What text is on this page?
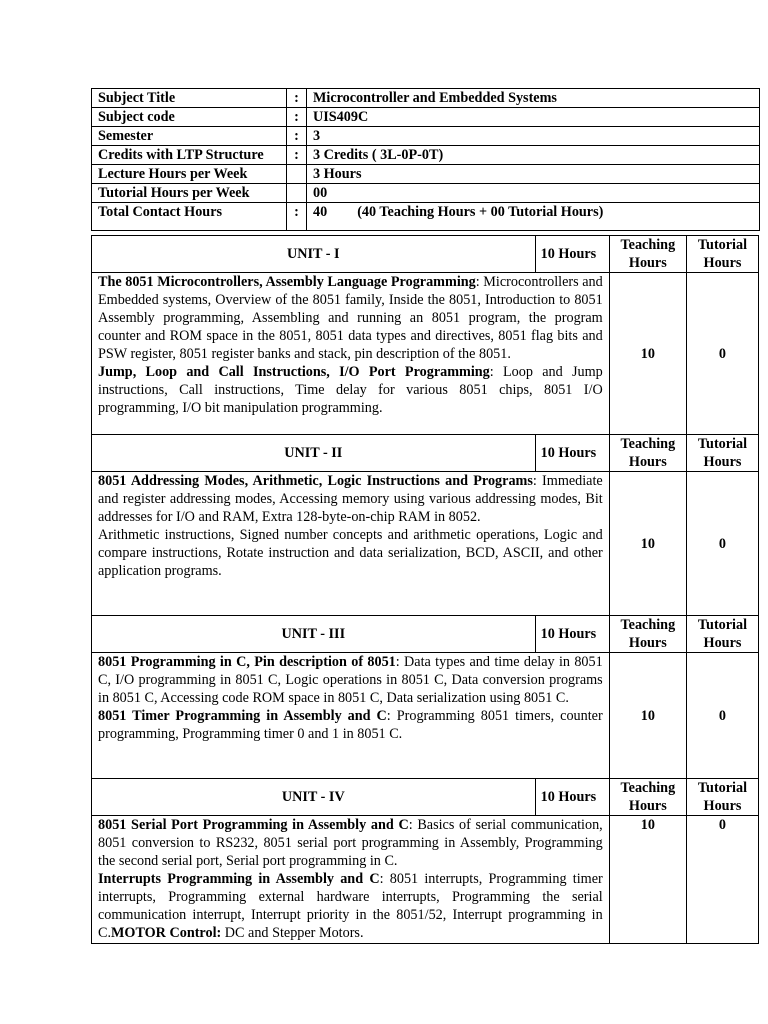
Subject Title	:	Microcontroller and Embedded Systems
Subject code	:	UIS409C
Semester	:	3
Credits with LTP Structure	:	3 Credits ( 3L-0P-0T)
Lecture Hours per Week		3 Hours
Tutorial Hours per Week		00
Total Contact Hours	:	40 (40 Teaching Hours + 00 Tutorial Hours)
UNIT - I	10 Hours	Teaching Hours	Tutorial Hours

The 8051 Microcontrollers, Assembly Language Programming: Microcontrollers and Embedded systems, Overview of the 8051 family, Inside the 8051, Introduction to 8051 Assembly programming, Assembling and running an 8051 program, the program counter and ROM space in the 8051, 8051 data types and directives, 8051 flag bits and PSW register, 8051 register banks and stack, pin description of the 8051.

Jump, Loop and Call Instructions, I/O Port Programming: Loop and Jump instructions, Call instructions, Time delay for various 8051 chips, 8051 I/O programming, I/O bit manipulation programming.		10	0
UNIT - II	10 Hours	Teaching Hours	Tutorial Hours

8051 Addressing Modes, Arithmetic, Logic Instructions and Programs: Immediate and register addressing modes, Accessing memory using various addressing modes, Bit addresses for I/O and RAM, Extra 128-byte-on-chip RAM in 8052.

Arithmetic instructions, Signed number concepts and arithmetic operations, Logic and compare instructions, Rotate instruction and data serialization, BCD, ASCII, and other application programs.		10	0
UNIT - III	10 Hours	Teaching Hours	Tutorial Hours

8051 Programming in C, Pin description of 8051: Data types and time delay in 8051 C, I/O programming in 8051 C, Logic operations in 8051 C, Data conversion programs in 8051 C, Accessing code ROM space in 8051 C, Data serialization using 8051 C.

8051 Timer Programming in Assembly and C: Programming 8051 timers, counter programming, Programming timer 0 and 1 in 8051 C.		10	0
UNIT - IV	10 Hours	Teaching Hours	Tutorial Hours

8051 Serial Port Programming in Assembly and C: Basics of serial communication, 8051 conversion to RS232, 8051 serial port programming in Assembly, Programming the second serial port, Serial port programming in C.

Interrupts Programming in Assembly and C: 8051 interrupts, Programming timer interrupts, Programming external hardware interrupts, Programming the serial communication interrupt, Interrupt priority in the 8051/52, Interrupt programming in C.MOTOR Control: DC and Stepper Motors.		10	0
